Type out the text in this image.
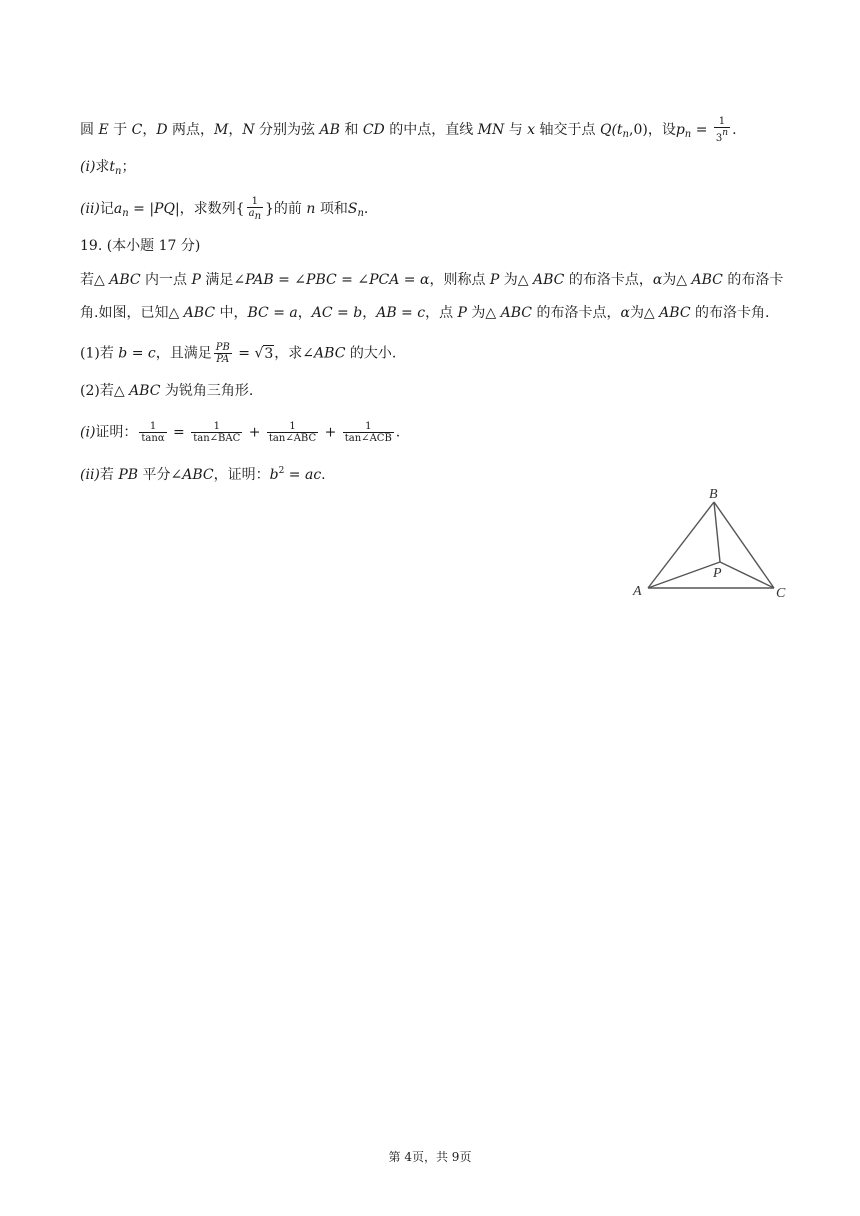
圆 E 于 C，D 两点，M，N 分别为弦 AB 和 CD 的中点，直线 MN 与 x 轴交于点 $Q(t_n,0)$，设$p_n = \frac{1}{3n}$ .
(i)求$t_n$；
(ii)记$a_n = |PQ|$，求数列{ $\frac{1}{an}$ }的前 n 项和$S_n$.
19. (本小题 17 分)
若△ ABC 内一点 P 满足∠PAB = ∠PBC = ∠PCA = α，则称点 P 为△ ABC 的布洛卡点，α为△ ABC 的布洛卡
角.如图，已知△ ABC 中，BC = a，AC = b，AB = c，点 P 为△ ABC 的布洛卡点，α为△ ABC 的布洛卡角.
(1)若 b = c，且满足 $\frac{PB}{PA} = √3$，求∠ABC 的大小.
(2)若△ ABC 为锐角三角形.
(i)证明： $\frac{1}{\tan\alpha} = \frac{1}{\text{tan∠BAC}} + \frac{1}{\text{tan∠ABC}} + \frac{1}{\text{tan∠ACB}}$ .
(ii)若 PB 平分∠ABC，证明：$b^2$ = ac.
B
A	C
P
第 4页，共 9页
